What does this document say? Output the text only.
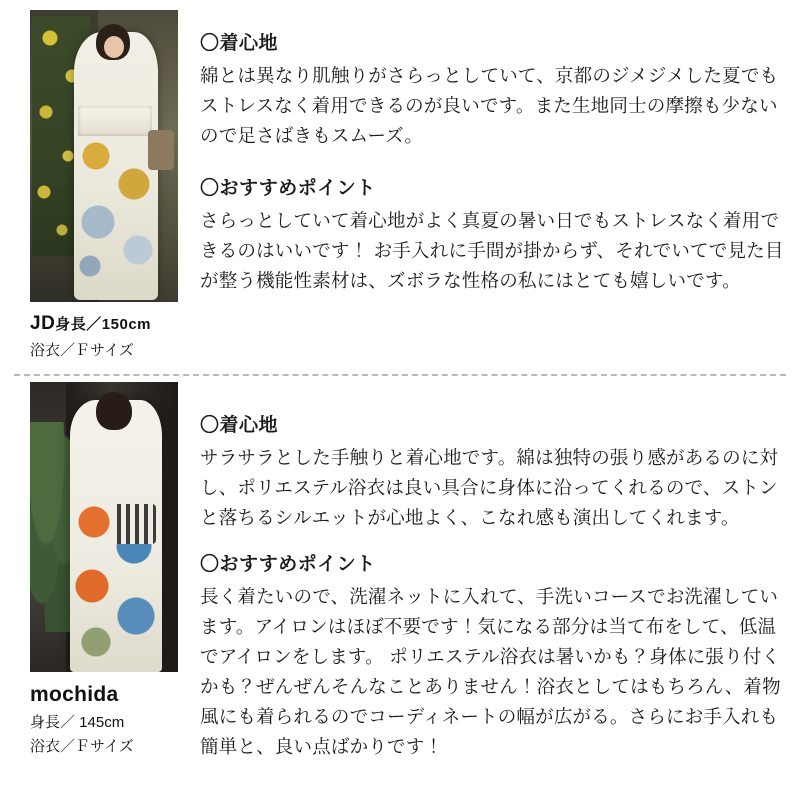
JD身長／150cm
浴衣／Ｆサイズ

〇着心地

綿とは異なり肌触りがさらっとしていて、京都のジメジメした夏でもストレスなく着用できるのが良いです。また生地同士の摩擦も少ないので足さばきもスムーズ。

〇おすすめポイント

さらっとしていて着心地がよく真夏の暑い日でもストレスなく着用できるのはいいです！ お手入れに手間が掛からず、それでいてで見た目が整う機能性素材は、ズボラな性格の私にはとても嬉しいです。

mochida
身長／ 145cm
浴衣／Ｆサイズ

〇着心地

サラサラとした手触りと着心地です。綿は独特の張り感があるのに対し、ポリエステル浴衣は良い具合に身体に沿ってくれるので、ストンと落ちるシルエットが心地よく、こなれ感も演出してくれます。

〇おすすめポイント

長く着たいので、洗濯ネットに入れて、手洗いコースでお洗濯しています。アイロンはほぼ不要です！気になる部分は当て布をして、低温でアイロンをします。 ポリエステル浴衣は暑いかも？身体に張り付くかも？ぜんぜんそんなことありません！浴衣としてはもちろん、着物風にも着られるのでコーディネートの幅が広がる。さらにお手入れも簡単と、良い点ばかりです！
